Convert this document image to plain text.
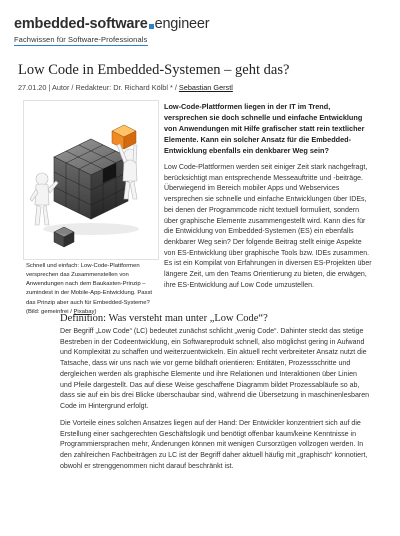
embedded-software engineer
Fachwissen für Software-Professionals
Low Code in Embedded-Systemen – geht das?
27.01.20 | Autor / Redakteur: Dr. Richard Kölbl * / Sebastian Gerstl
Schnell und einfach: Low-Code-Plattformen versprechen das Zusammenstellen von Anwendungen nach dem Baukasten-Prinzip – zumindest in der Mobile-App-Entwicklung. Passt das Prinzip aber auch für Embedded-Systeme? (Bild: gemeinfrei / Pixabay)
Low-Code-Plattformen liegen in der IT im Trend, versprechen sie doch schnelle und einfache Entwicklung von Anwendungen mit Hilfe grafischer statt rein textlicher Elemente. Kann ein solcher Ansatz für die Embedded-Entwicklung ebenfalls ein denkbarer Weg sein?
Low Code-Plattformen werden seit einiger Zeit stark nachgefragt, berücksichtigt man entsprechende Messeauftritte und -beiträge. Überwiegend im Bereich mobiler Apps und Webservices versprechen sie schnelle und einfache Entwicklungen über IDEs, bei denen der Programmcode nicht textuell formuliert, sondern über graphische Elemente zusammengestellt wird. Kann dies für die Entwicklung von Embedded-Systemen (ES) ein ebenfalls denkbarer Weg sein? Der folgende Beitrag stellt einige Aspekte von ES-Entwicklung über graphische Tools bzw. IDEs zusammen. Es ist ein Kompilat von Erfahrungen in diversen ES-Projekten über längere Zeit, um den Teams Orientierung zu bieten, die erwägen, ihre ES-Entwicklung auf Low Code umzustellen.
Definition: Was versteht man unter „Low Code“?
Der Begriff „Low Code“ (LC) bedeutet zunächst schlicht „wenig Code“. Dahinter steckt das stetige Bestreben in der Codeentwicklung, ein Softwareprodukt schnell, also möglichst gering in Aufwand und Komplexität zu schaffen und weiterzuentwickeln. Ein aktuell recht verbreiteter Ansatz nutzt die Tatsache, dass wir uns nach wie vor gerne bildhaft orientieren: Entitäten, Prozessschritte und dergleichen werden als graphische Elemente und ihre Relationen und Interaktionen über Linien und Pfeile dargestellt. Das auf diese Weise geschaffene Diagramm bildet Prozessabläufe so ab, dass sie auf ein bis drei Blicke überschaubar sind, während die Übersetzung in maschinenlesbaren Code im Hintergrund erfolgt.
Die Vorteile eines solchen Ansatzes liegen auf der Hand: Der Entwickler konzentriert sich auf die Erstellung einer sachgerechten Geschäftslogik und benötigt offenbar kaum/keine Kenntnisse in Programmiersprachen mehr, Änderungen können mit wenigen Cursorzügen vollzogen werden. In den zahlreichen Fachbeiträgen zu LC ist der Begriff daher aktuell häufig mit „graphisch“ konnotiert, obwohl er strenggenommen nicht darauf beschränkt ist.
